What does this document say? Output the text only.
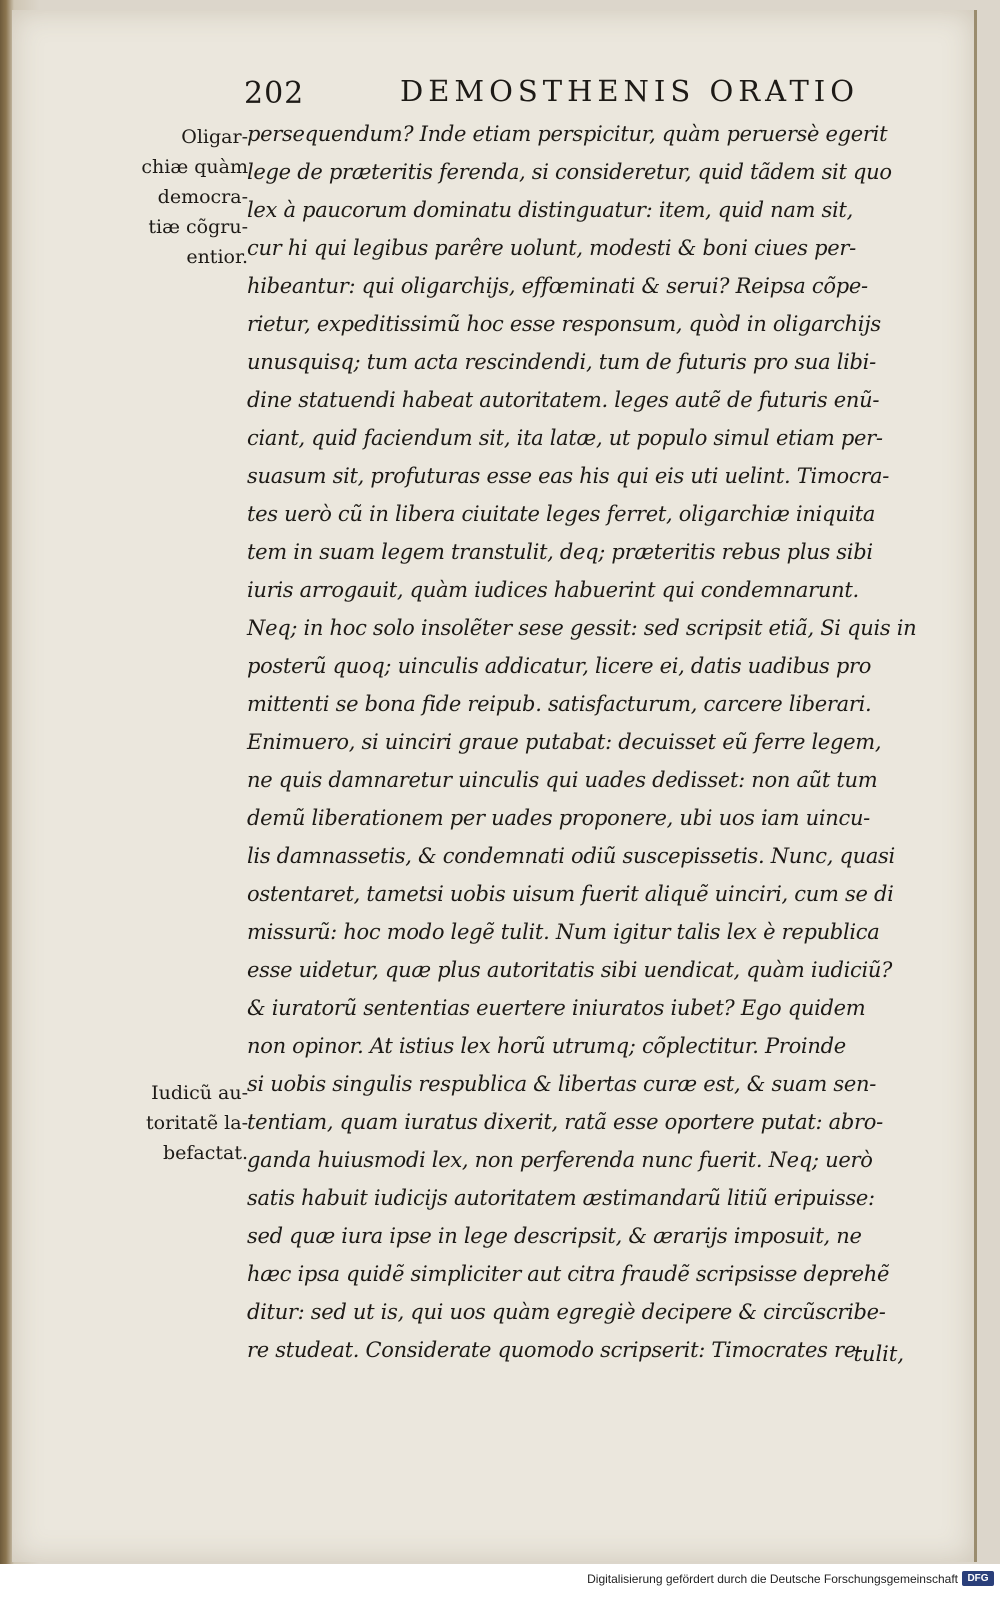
202	DEMOSTHENIS ORATIO
Oligar-
chiæ quàm
democra-
tiæ cõgru-
entior.
Iudicũ au-
toritatẽ la-
befactat.
persequendum? Inde etiam perspicitur, quàm peruersè egerit
lege de præteritis ferenda, si consideretur, quid tãdem sit quo
lex à paucorum dominatu distinguatur: item, quid nam sit,
cur hi qui legibus parêre uolunt, modesti & boni ciues per-
hibeantur: qui oligarchijs, effœminati & serui? Reipsa cõpe-
rietur, expeditissimũ hoc esse responsum, quòd in oligarchijs
unusquisq; tum acta rescindendi, tum de futuris pro sua libi-
dine statuendi habeat autoritatem. leges autẽ de futuris enũ-
ciant, quid faciendum sit, ita latæ, ut populo simul etiam per-
suasum sit, profuturas esse eas his qui eis uti uelint. Timocra-
tes uerò cũ in libera ciuitate leges ferret, oligarchiæ iniquita
tem in suam legem transtulit, deq; præteritis rebus plus sibi
iuris arrogauit, quàm iudices habuerint qui condemnarunt.
Neq; in hoc solo insolẽter sese gessit: sed scripsit etiã, Si quis in
posterũ quoq; uinculis addicatur, licere ei, datis uadibus pro
mittenti se bona fide reipub. satisfacturum, carcere liberari.
Enimuero, si uinciri graue putabat: decuisset eũ ferre legem,
ne quis damnaretur uinculis qui uades dedisset: non aũt tum
demũ liberationem per uades proponere, ubi uos iam uincu-
lis damnassetis, & condemnati odiũ suscepissetis. Nunc, quasi
ostentaret, tametsi uobis uisum fuerit aliquẽ uinciri, cum se di
missurũ: hoc modo legẽ tulit. Num igitur talis lex è republica
esse uidetur, quæ plus autoritatis sibi uendicat, quàm iudiciũ?
& iuratorũ sententias euertere iniuratos iubet? Ego quidem
non opinor. At istius lex horũ utrumq; cõplectitur. Proinde
si uobis singulis respublica & libertas curæ est, & suam sen-
tentiam, quam iuratus dixerit, ratã esse oportere putat: abro-
ganda huiusmodi lex, non perferenda nunc fuerit. Neq; uerò
satis habuit iudicijs autoritatem æstimandarũ litiũ eripuisse:
sed quæ iura ipse in lege descripsit, & ærarijs imposuit, ne
hæc ipsa quidẽ simpliciter aut citra fraudẽ scripsisse deprehẽ
ditur: sed ut is, qui uos quàm egregiè decipere & circũscribe-
re studeat. Considerate quomodo scripserit: Timocrates re-
tulit,
Digitalisierung gefördert durch die Deutsche Forschungsgemeinschaft DFG
